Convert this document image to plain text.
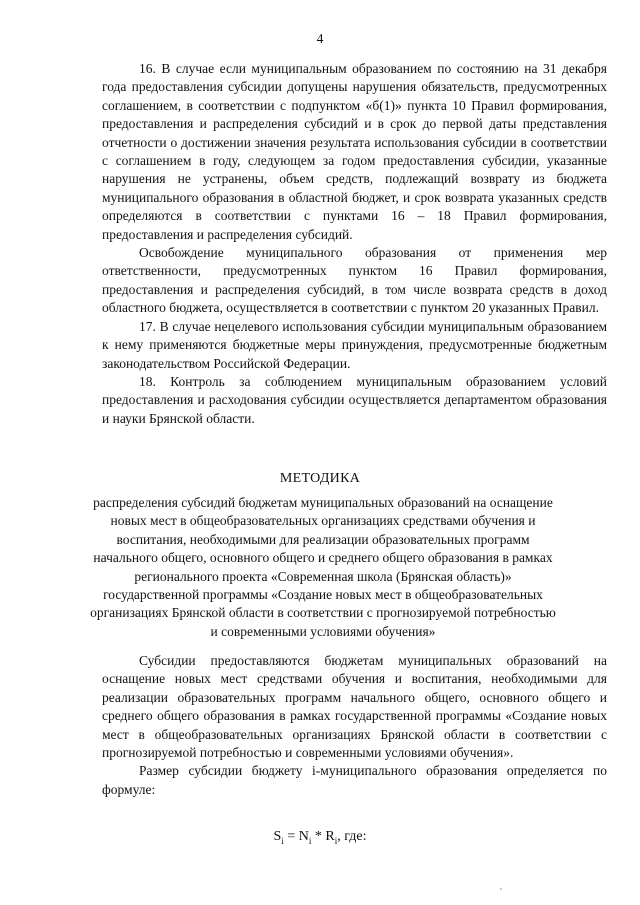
4

16. В случае если муниципальным образованием по состоянию на 31 декабря года предоставления субсидии допущены нарушения обязательств, предусмотренных соглашением, в соответствии с подпунктом «б(1)» пункта 10 Правил формирования, предоставления и распределения субсидий и в срок до первой даты представления отчетности о достижении значения результата использования субсидии в соответствии с соглашением в году, следующем за годом предоставления субсидии, указанные нарушения не устранены, объем средств, подлежащий возврату из бюджета муниципального образования в областной бюджет, и срок возврата указанных средств определяются в соответствии с пунктами 16 – 18 Правил формирования, предоставления и распределения субсидий.

Освобождение муниципального образования от применения мер ответственности, предусмотренных пунктом 16 Правил формирования, предоставления и распределения субсидий, в том числе возврата средств в доход областного бюджета, осуществляется в соответствии с пунктом 20 указанных Правил.

17. В случае нецелевого использования субсидии муниципальным образованием к нему применяются бюджетные меры принуждения, предусмотренные бюджетным законодательством Российской Федерации.

18. Контроль за соблюдением муниципальным образованием условий предоставления и расходования субсидии осуществляется департаментом образования и науки Брянской области.

МЕТОДИКА
распределения субсидий бюджетам муниципальных образований на оснащение новых мест в общеобразовательных организациях средствами обучения и воспитания, необходимыми для реализации образовательных программ начального общего, основного общего и среднего общего образования в рамках регионального проекта «Современная школа (Брянская область)» государственной программы «Создание новых мест в общеобразовательных организациях Брянской области в соответствии с прогнозируемой потребностью и современными условиями обучения»

Субсидии предоставляются бюджетам муниципальных образований на оснащение новых мест средствами обучения и воспитания, необходимыми для реализации образовательных программ начального общего, основного общего и среднего общего образования в рамках государственной программы «Создание новых мест в общеобразовательных организациях Брянской области в соответствии с прогнозируемой потребностью и современными условиями обучения».

Размер субсидии бюджету i-муниципального образования определяется по формуле:

$S_i = N_i * R_i$, где:
